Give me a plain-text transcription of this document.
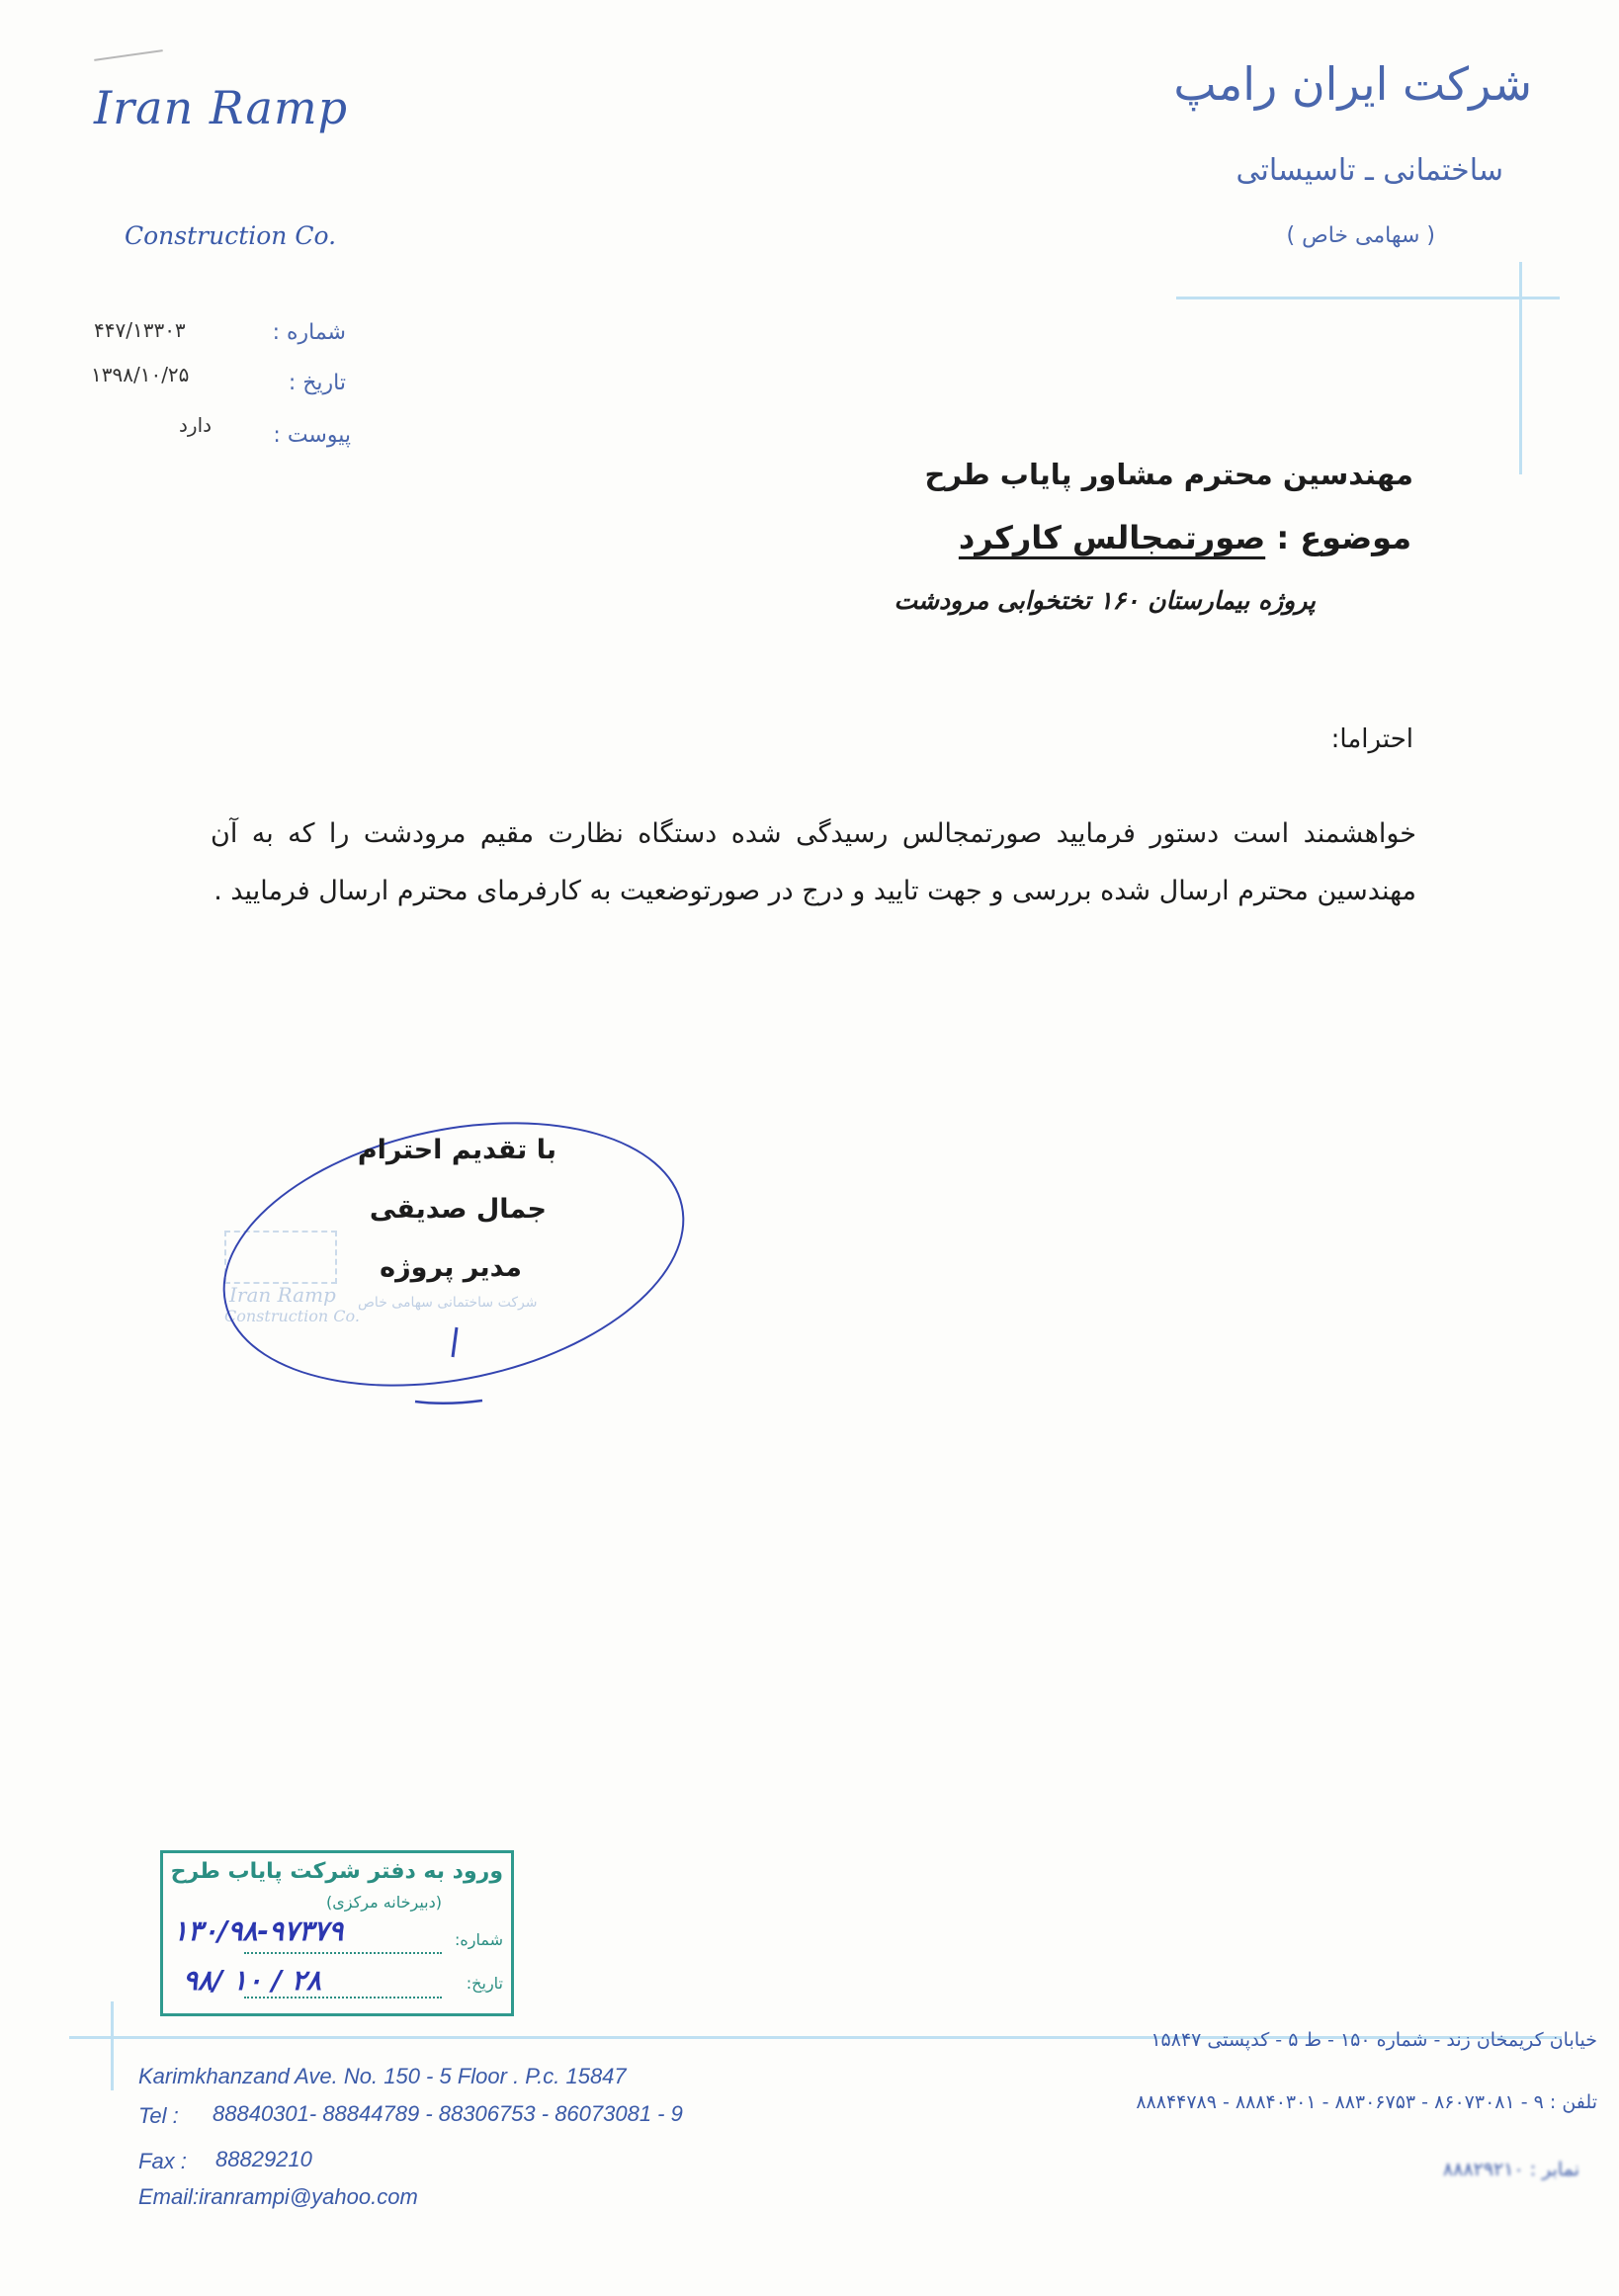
Iran Ramp
Construction Co.
شرکت ایران رامپ
ساختمانی ـ تاسیساتی
( سهامی خاص )
شماره :
۴۴۷/۱۳۳۰۳
تاریخ :
۱۳۹۸/۱۰/۲۵
پیوست :
دارد
مهندسین محترم مشاور پایاب طرح
موضوع : صورتمجالس کارکرد
پروژه بیمارستان ۱۶۰ تختخوابی مرودشت
احتراما:
خواهشمند است دستور فرمایید صورتمجالس رسیدگی شده دستگاه نظارت مقیم مرودشت را که به آن مهندسین محترم ارسال شده بررسی و جهت تایید و درج در صورتوضعیت به کارفرمای محترم ارسال فرمایید .
Iran Ramp
Construction Co.
شرکت ساختمانی سهامی خاص
با تقدیم احترام
جمال صدیقی
مدیر پروژه
ورود به دفتر شرکت پایاب طرح
(دبیرخانه مرکزی)
شماره:
۱۳۰/۹۸-۹۷۳۷۹
تاریخ:
۹۸/ ۱۰ / ۲۸
Karimkhanzand Ave. No. 150 - 5 Floor . P.c. 15847
Tel : 88840301- 88844789 - 88306753 - 86073081 - 9
Fax : 88829210
Email:iranrampi@yahoo.com
خیابان کریمخان زند - شماره ۱۵۰ - ط ۵ - کدپستی ۱۵۸۴۷
تلفن : ۹ - ۸۶۰۷۳۰۸۱ - ۸۸۳۰۶۷۵۳ - ۸۸۸۴۰۳۰۱ - ۸۸۸۴۴۷۸۹
نمابر : ۸۸۸۲۹۲۱۰
